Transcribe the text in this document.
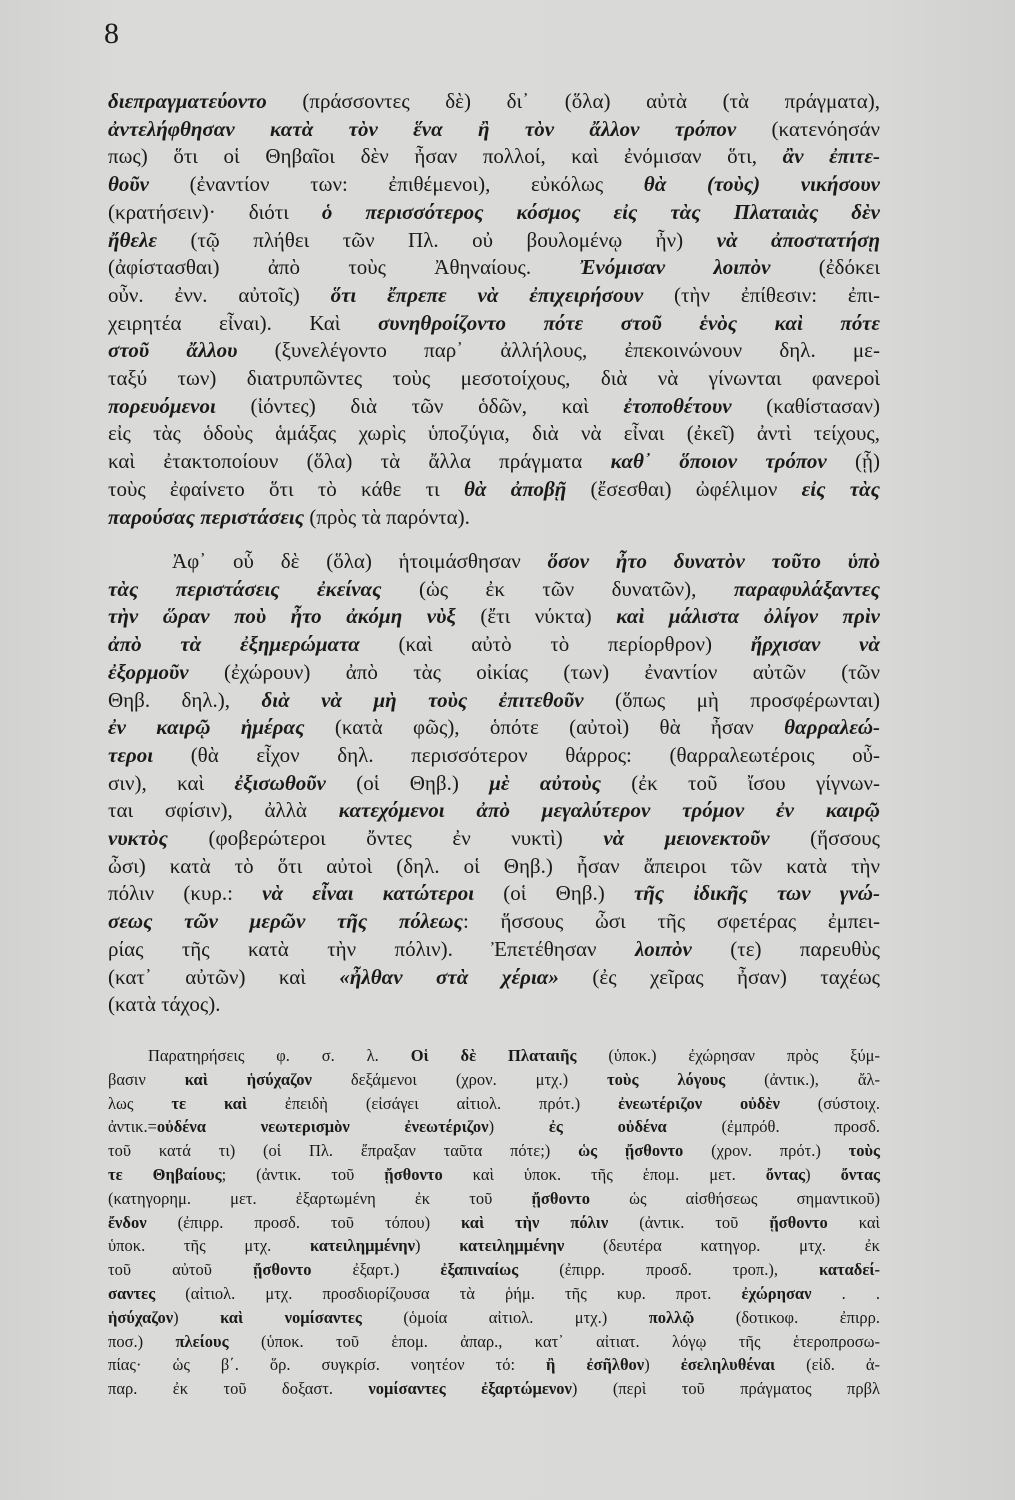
8
διεπραγματεύοντο (πράσσοντες δὲ) δι᾽ (ὅλα) αὐτὰ (τὰ πράγματα),
ἀντελήφθησαν κατὰ τὸν ἕνα ἢ τὸν ἄλλον τρόπον (κατενόησάν
πως) ὅτι οἱ Θηβαῖοι δὲν ἦσαν πολλοί, καὶ ἐνόμισαν ὅτι, ἂν ἐπιτε-
θοῦν (ἐναντίον των: ἐπιθέμενοι), εὐκόλως θὰ (τοὺς) νικήσουν
(κρατήσειν)· διότι ὁ περισσότερος κόσμος εἰς τὰς Πλαταιὰς δὲν
ἤθελε (τῷ πλήθει τῶν Πλ. οὐ βουλομένῳ ἦν) νὰ ἀποστατήσῃ
(ἀφίστασθαι) ἀπὸ τοὺς Ἀθηναίους. Ἐνόμισαν λοιπὸν (ἐδόκει
οὖν. ἐνν. αὐτοῖς) ὅτι ἔπρεπε νὰ ἐπιχειρήσουν (τὴν ἐπίθεσιν: ἐπι-
χειρητέα εἶναι). Καὶ συνηθροίζοντο πότε στοῦ ἑνὸς καὶ πότε
στοῦ ἄλλου (ξυνελέγοντο παρ᾽ ἀλλήλους, ἐπεκοινώνουν δηλ. με-
ταξύ των) διατρυπῶντες τοὺς μεσοτοίχους, διὰ νὰ γίνωνται φανεροὶ
πορευόμενοι (ἰόντες) διὰ τῶν ὁδῶν, καὶ ἐτοποθέτουν (καθίστασαν)
εἰς τὰς ὁδοὺς ἁμάξας χωρὶς ὑποζύγια, διὰ νὰ εἶναι (ἐκεῖ) ἀντὶ τείχους,
καὶ ἐτακτοποίουν (ὅλα) τὰ ἄλλα πράγματα καθ᾽ ὅποιον τρόπον (ᾗ)
τοὺς ἐφαίνετο ὅτι τὸ κάθε τι θὰ ἀποβῇ (ἔσεσθαι) ὠφέλιμον εἰς τὰς
παρούσας περιστάσεις (πρὸς τὰ παρόντα).
Ἀφ᾽ οὗ δὲ (ὅλα) ἡτοιμάσθησαν ὅσον ἦτο δυνατὸν τοῦτο ὑπὸ
τὰς περιστάσεις ἐκείνας (ὡς ἐκ τῶν δυνατῶν), παραφυλάξαντες
τὴν ὥραν ποὺ ἦτο ἀκόμη νὺξ (ἔτι νύκτα) καὶ μάλιστα ὀλίγον πρὶν
ἀπὸ τὰ ἐξημερώματα (καὶ αὐτὸ τὸ περίορθρον) ἤρχισαν νὰ
ἐξορμοῦν (ἐχώρουν) ἀπὸ τὰς οἰκίας (των) ἐναντίον αὐτῶν (τῶν
Θηβ. δηλ.), διὰ νὰ μὴ τοὺς ἐπιτεθοῦν (ὅπως μὴ προσφέρωνται)
ἐν καιρῷ ἡμέρας (κατὰ φῶς), ὁπότε (αὐτοὶ) θὰ ἦσαν θαρραλεώ-
τεροι (θὰ εἶχον δηλ. περισσότερον θάρρος: (θαρραλεωτέροις οὖ-
σιν), καὶ ἐξισωθοῦν (οἱ Θηβ.) μὲ αὐτοὺς (ἐκ τοῦ ἴσου γίγνων-
ται σφίσιν), ἀλλὰ κατεχόμενοι ἀπὸ μεγαλύτερον τρόμον ἐν καιρῷ
νυκτὸς (φοβερώτεροι ὄντες ἐν νυκτὶ) νὰ μειονεκτοῦν (ἥσσους
ὦσι) κατὰ τὸ ὅτι αὐτοὶ (δηλ. οἱ Θηβ.) ἦσαν ἄπειροι τῶν κατὰ τὴν
πόλιν (κυρ.: νὰ εἶναι κατώτεροι (οἱ Θηβ.) τῆς ἰδικῆς των γνώ-
σεως τῶν μερῶν τῆς πόλεως: ἥσσους ὦσι τῆς σφετέρας ἐμπει-
ρίας τῆς κατὰ τὴν πόλιν). Ἐπετέθησαν λοιπὸν (τε) παρευθὺς
(κατ᾽ αὐτῶν) καὶ «ἦλθαν στὰ χέρια» (ἐς χεῖρας ἦσαν) ταχέως
(κατὰ τάχος).
Παρατηρήσεις φ. σ. λ. Οἱ δὲ Πλαταιῆς (ὑποκ.) ἐχώρησαν πρὸς ξύμ-
βασιν καὶ ἡσύχαζον δεξάμενοι (χρον. μτχ.) τοὺς λόγους (ἀντικ.), ἄλ-
λως τε καὶ ἐπειδὴ (εἰσάγει αἰτιολ. πρότ.) ἐνεωτέριζον οὐδὲν (σύστοιχ.
ἀντικ.=οὐδένα νεωτερισμὸν ἐνεωτέριζον) ἐς οὐδένα (ἐμπρόθ. προσδ.
τοῦ κατά τι) (οἱ Πλ. ἔπραξαν ταῦτα πότε;) ὡς ᾔσθοντο (χρον. πρότ.) τοὺς
τε Θηβαίους; (ἀντικ. τοῦ ᾔσθοντο καὶ ὑποκ. τῆς ἑπομ. μετ. ὄντας) ὄντας
(κατηγορημ. μετ. ἐξαρτωμένη ἐκ τοῦ ᾔσθοντο ὡς αἰσθήσεως σημαντικοῦ)
ἔνδον (ἐπιρρ. προσδ. τοῦ τόπου) καὶ τὴν πόλιν (ἀντικ. τοῦ ᾔσθοντο καὶ
ὑποκ. τῆς μτχ. κατειλημμένην) κατειλημμένην (δευτέρα κατηγορ. μτχ. ἐκ
τοῦ αὐτοῦ ᾔσθοντο ἐξαρτ.) ἐξαπιναίως (ἐπιρρ. προσδ. τροπ.), καταδεί-
σαντες (αἰτιολ. μτχ. προσδιορίζουσα τὰ ῥήμ. τῆς κυρ. προτ. ἐχώρησαν . .
ἡσύχαζον) καὶ νομίσαντες (ὁμοία αἰτιολ. μτχ.) πολλῷ (δοτικοφ. ἐπιρρ.
ποσ.) πλείους (ὑποκ. τοῦ ἑπομ. ἀπαρ., κατ᾽ αἰτιατ. λόγῳ τῆς ἑτεροπροσω-
πίας· ὡς β΄. ὅρ. συγκρίσ. νοητέον τό: ἢ ἐσῆλθον) ἐσεληλυθέναι (εἰδ. ἀ-
παρ. ἐκ τοῦ δοξαστ. νομίσαντες ἐξαρτώμενον) (περὶ τοῦ πράγματος πρβλ
